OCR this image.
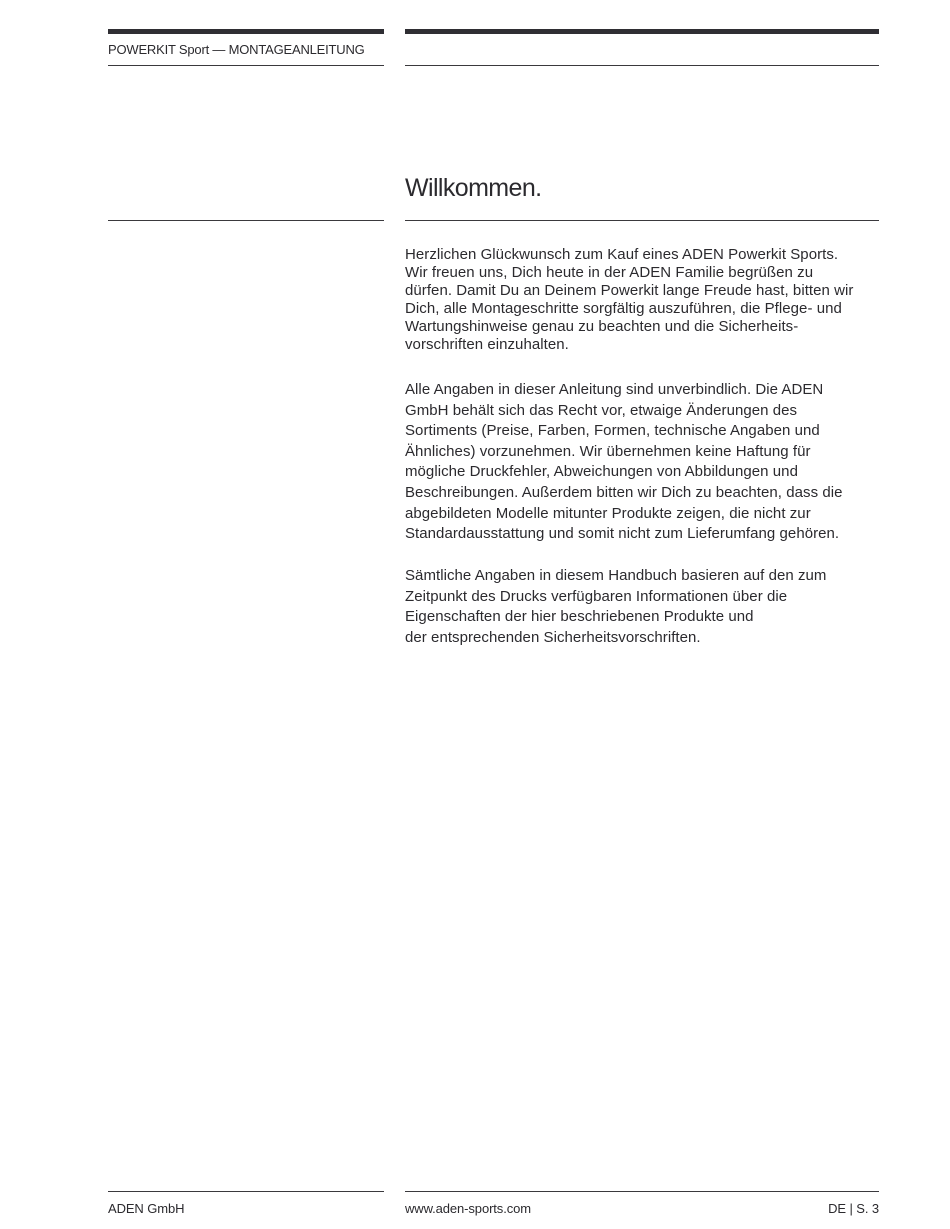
POWERKIT Sport — MONTAGEANLEITUNG
Willkommen.

Herzlichen Glückwunsch zum Kauf eines ADEN Powerkit Sports.
Wir freuen uns, Dich heute in der ADEN Familie begrüßen zu
dürfen. Damit Du an Deinem Powerkit lange Freude hast, bitten wir
Dich, alle Montageschritte sorgfältig auszuführen, die Pflege- und
Wartungshinweise genau zu beachten und die Sicherheits-
vorschriften einzuhalten.

Alle Angaben in dieser Anleitung sind unverbindlich. Die ADEN
GmbH behält sich das Recht vor, etwaige Änderungen des
Sortiments (Preise, Farben, Formen, technische Angaben und
Ähnliches) vorzunehmen. Wir übernehmen keine Haftung für
mögliche Druckfehler, Abweichungen von Abbildungen und
Beschreibungen. Außerdem bitten wir Dich zu beachten, dass die
abgebildeten Modelle mitunter Produkte zeigen, die nicht zur
Standardausstattung und somit nicht zum Lieferumfang gehören.

Sämtliche Angaben in diesem Handbuch basieren auf den zum
Zeitpunkt des Drucks verfügbaren Informationen über die
Eigenschaften der hier beschriebenen Produkte und
der entsprechenden Sicherheitsvorschriften.

ADEN GmbH	www.aden-sports.com	DE | S. 3
